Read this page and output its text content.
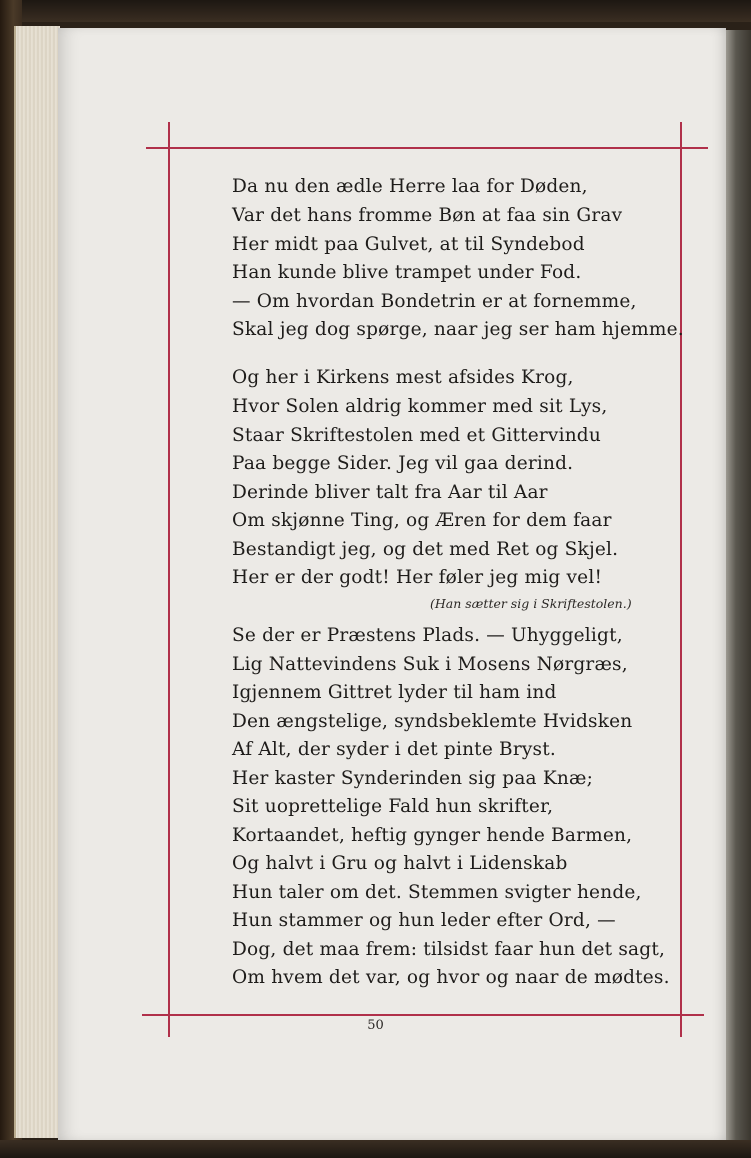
Da nu den ædle Herre laa for Døden,
Var det hans fromme Bøn at faa sin Grav
Her midt paa Gulvet, at til Syndebod
Han kunde blive trampet under Fod.
— Om hvordan Bondetrin er at fornemme,
Skal jeg dog spørge, naar jeg ser ham hjemme.
Og her i Kirkens mest afsides Krog,
Hvor Solen aldrig kommer med sit Lys,
Staar Skriftestolen med et Gittervindu
Paa begge Sider. Jeg vil gaa derind.
Derinde bliver talt fra Aar til Aar
Om skjønne Ting, og Æren for dem faar
Bestandigt jeg, og det med Ret og Skjel.
Her er der godt! Her føler jeg mig vel!
(Han sætter sig i Skriftestolen.)
Se der er Præstens Plads. — Uhyggeligt,
Lig Nattevindens Suk i Mosens Nørgræs,
Igjennem Gittret lyder til ham ind
Den ængstelige, syndsbeklemte Hvidsken
Af Alt, der syder i det pinte Bryst.
Her kaster Synderinden sig paa Knæ;
Sit uoprettelige Fald hun skrifter,
Kortaandet, heftig gynger hende Barmen,
Og halvt i Gru og halvt i Lidenskab
Hun taler om det. Stemmen svigter hende,
Hun stammer og hun leder efter Ord, —
Dog, det maa frem: tilsidst faar hun det sagt,
Om hvem det var, og hvor og naar de mødtes.
50
